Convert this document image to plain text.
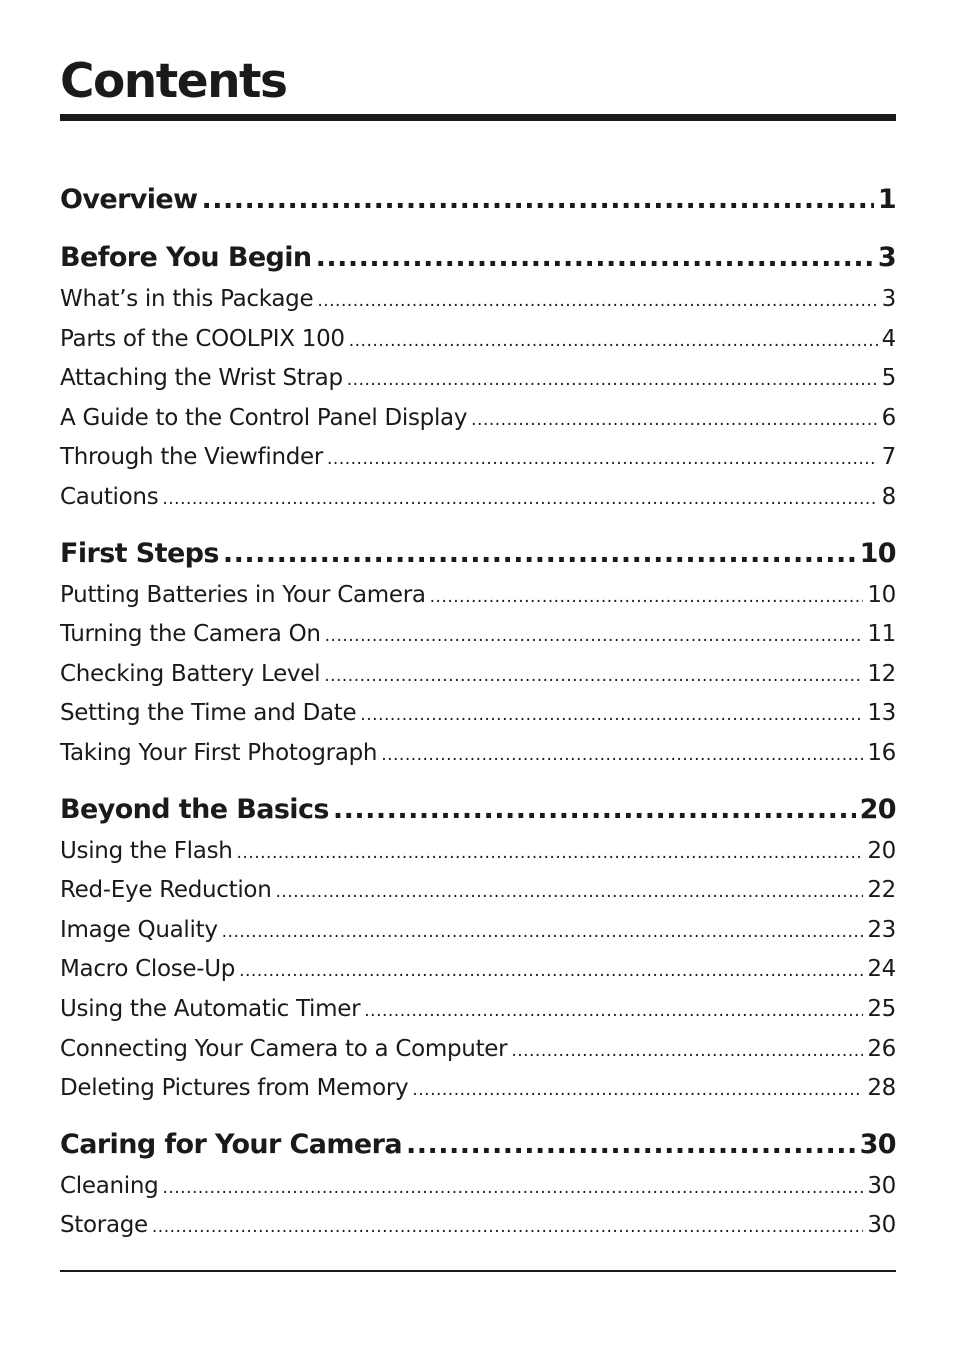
Contents
Overview .....	1
Before You Begin .....	3
What’s in this Package .....	3
Parts of the COOLPIX 100 .....	4
Attaching the Wrist Strap .....	5
A Guide to the Control Panel Display .....	6
Through the Viewfinder .....	7
Cautions .....	8
First Steps .....	10
Putting Batteries in Your Camera .....	10
Turning the Camera On .....	11
Checking Battery Level .....	12
Setting the Time and Date .....	13
Taking Your First Photograph .....	16
Beyond the Basics .....	20
Using the Flash .....	20
Red-Eye Reduction .....	22
Image Quality .....	23
Macro Close-Up .....	24
Using the Automatic Timer .....	25
Connecting Your Camera to a Computer .....	26
Deleting Pictures from Memory .....	28
Caring for Your Camera .....	30
Cleaning .....	30
Storage .....	30
